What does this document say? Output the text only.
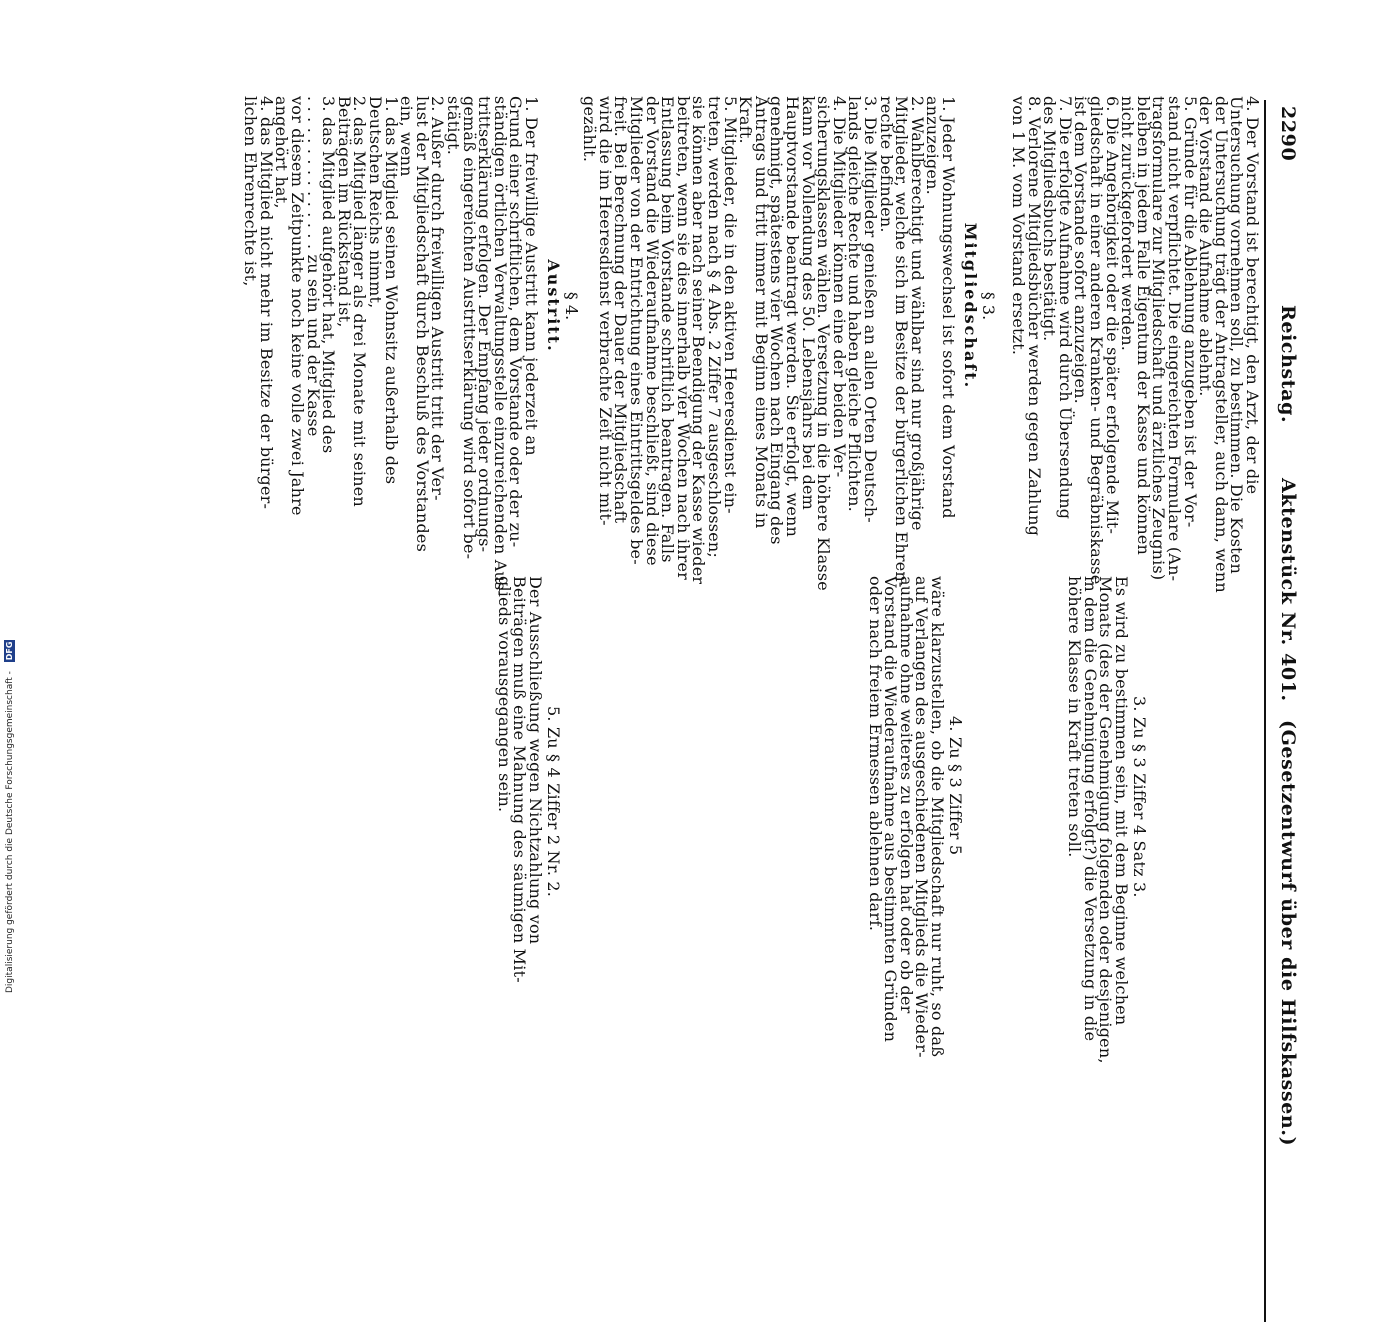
2290
Reichstag.
Aktenstück Nr. 401.
(Gesetzentwurf über die Hilfskassen.)
4. Der Vorstand ist berechtigt, den Arzt, der die
Untersuchung vornehmen soll, zu bestimmen. Die Kosten
der Untersuchung trägt der Antragsteller, auch dann, wenn
der Vorstand die Aufnahme ablehnt.
5. Gründe für die Ablehnung anzugeben ist der Vor-
stand nicht verpflichtet. Die eingereichten Formulare (An-
tragsformulare zur Mitgliedschaft und ärztliches Zeugnis)
bleiben in jedem Falle Eigentum der Kasse und können
nicht zurückgefordert werden.
6. Die Angehörigkeit oder die später erfolgende Mit-
gliedschaft in einer anderen Kranken- und Begräbniskasse
ist dem Vorstande sofort anzuzeigen.
7. Die erfolgte Aufnahme wird durch Übersendung
des Mitgliedsbuchs bestätigt.
8. Verlorene Mitgliedsbücher werden gegen Zahlung
von 1 M. vom Vorstand ersetzt.
§ 3.
Mitgliedschaft.
1. Jeder Wohnungswechsel ist sofort dem Vorstand
anzuzeigen.
2. Wahlberechtigt und wählbar sind nur großjährige
Mitglieder, welche sich im Besitze der bürgerlichen Ehren-
rechte befinden.
3. Die Mitglieder genießen an allen Orten Deutsch-
lands gleiche Rechte und haben gleiche Pflichten.
4. Die Mitglieder können eine der beiden Ver-
sicherungsklassen wählen. Versetzung in die höhere Klasse
kann vor Vollendung des 50. Lebensjahrs bei dem
Hauptvorstande beantragt werden. Sie erfolgt, wenn
genehmigt, spätestens vier Wochen nach Eingang des
Antrags und tritt immer mit Beginn eines Monats in
Kraft.
5. Mitglieder, die in den aktiven Heeresdienst ein-
treten, werden nach § 4 Abs. 2 Ziffer 7 ausgeschlossen;
sie können aber nach seiner Beendigung der Kasse wieder
beitreten, wenn sie dies innerhalb vier Wochen nach ihrer
Entlassung beim Vorstande schriftlich beantragen. Falls
der Vorstand die Wiederaufnahme beschließt, sind diese
Mitglieder von der Entrichtung eines Eintrittsgeldes be-
freit. Bei Berechnung der Dauer der Mitgliedschaft
wird die im Heeresdienst verbrachte Zeit nicht mit-
gezählt.
§ 4.
Austritt.
1. Der freiwillige Austritt kann jederzeit an
Grund einer schriftlichen, dem Vorstande oder der zu-
ständigen örtlichen Verwaltungsstelle einzureichenden Aus-
trittserklärung erfolgen. Der Empfang jeder ordnungs-
gemäß eingereichten Austrittserklärung wird sofort be-
stätigt.
2. Außer durch freiwilligen Austritt tritt der Ver-
lust der Mitgliedschaft durch Beschluß des Vorstandes
ein, wenn
1. das Mitglied seinen Wohnsitz außerhalb des
Deutschen Reichs nimmt,
2. das Mitglied länger als drei Monate mit seinen
Beiträgen im Rückstand ist,
3. das Mitglied aufgehört hat, Mitglied des
. . . . . . . . . . . . . . . zu sein und der Kasse
vor diesem Zeitpunkte noch keine volle zwei Jahre
angehört hat,
4. das Mitglied nicht mehr im Besitze der bürger-
lichen Ehrenrechte ist,
3. Zu § 3 Ziffer 4 Satz 3.
Es wird zu bestimmen sein, mit dem Beginne welchen
Monats (des der Genehmigung folgenden oder desjenigen,
in dem die Genehmigung erfolgt?) die Versetzung in die
höhere Klasse in Kraft treten soll.
4. Zu § 3 Ziffer 5
wäre klarzustellen, ob die Mitgliedschaft nur ruht, so daß
auf Verlangen des ausgeschiedenen Mitglieds die Wieder-
aufnahme ohne weiteres zu erfolgen hat oder ob der
Vorstand die Wiederaufnahme aus bestimmten Gründen
oder nach freiem Ermessen ablehnen darf.
5. Zu § 4 Ziffer 2 Nr. 2.
Der Ausschließung wegen Nichtzahlung von
Beiträgen muß eine Mahnung des säumigen Mit-
glieds vorausgegangen sein.
Digitalisierung gefördert durch die Deutsche Forschungsgemeinschaft - DFG
